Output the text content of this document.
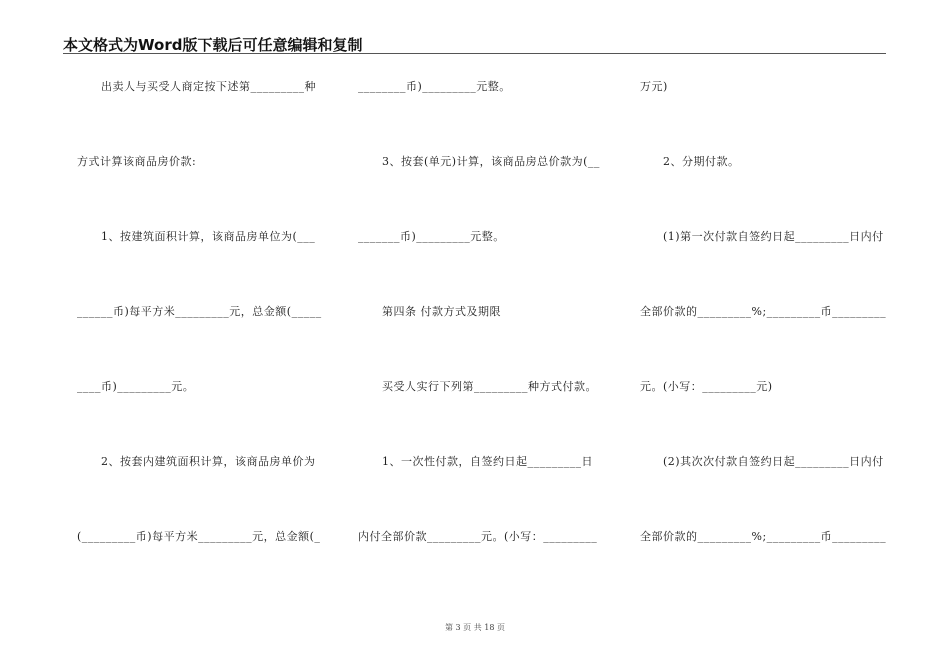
本文格式为Word版下载后可任意编辑和复制
出卖人与买受人商定按下述第_________种
方式计算该商品房价款:
1、按建筑面积计算，该商品房单位为(___
______币)每平方米_________元，总金额(_____
____币)_________元。
2、按套内建筑面积计算，该商品房单价为
(_________币)每平方米_________元，总金额(_
________币)_________元整。
3、按套(单元)计算，该商品房总价款为(__
_______币)_________元整。
第四条 付款方式及期限
买受人实行下列第_________种方式付款。
1、一次性付款，自签约日起_________日
内付全部价款_________元。(小写：_________
万元)
2、分期付款。
(1)第一次付款自签约日起_________日内付
全部价款的_________%;_________币_________
元。(小写：_________元)
(2)其次次付款自签约日起_________日内付
全部价款的_________%;_________币_________
第 3 页 共 18 页
